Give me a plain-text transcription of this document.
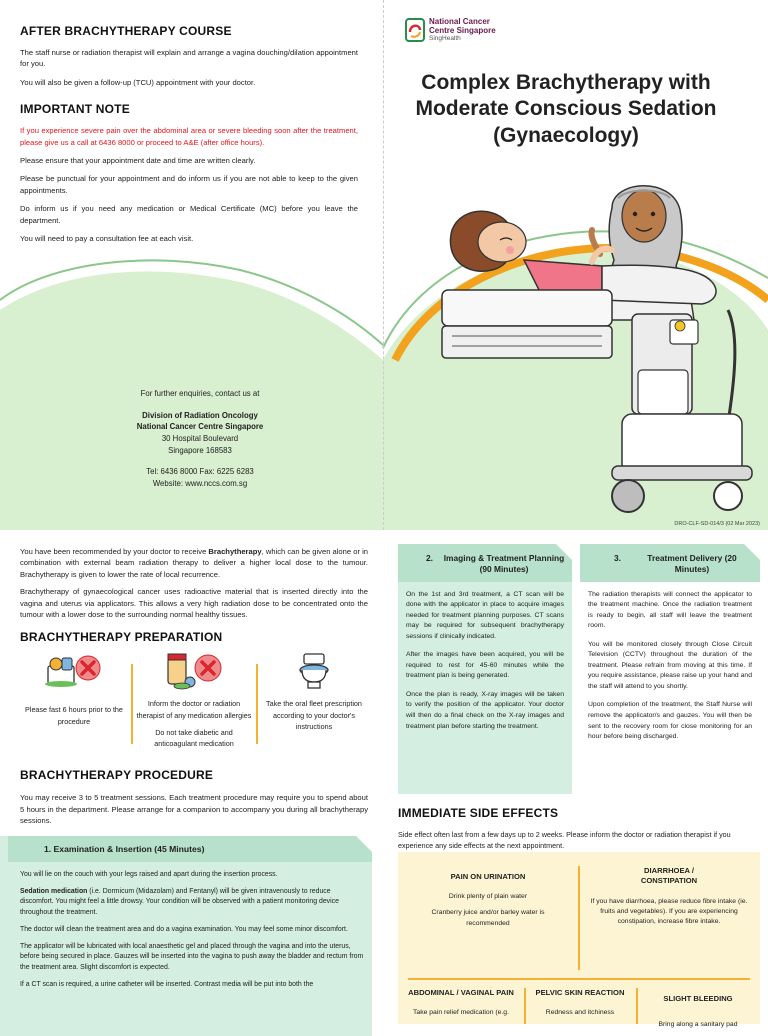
AFTER BRACHYTHERAPY COURSE
The staff nurse or radiation therapist will explain and arrange a vagina douching/dilation appointment for you.
You will also be given a follow-up (TCU) appointment with your doctor.
IMPORTANT NOTE
If you experience severe pain over the abdominal area or severe bleeding soon after the treatment, please give us a call at 6436 8000 or proceed to A&E (after office hours).
Please ensure that your appointment date and time are written clearly.
Please be punctual for your appointment and do inform us if you are not able to keep to the given appointments.
Do inform us if you need any medication or Medical Certificate (MC) before you leave the department.
You will need to pay a consultation fee at each visit.
For further enquiries, contact us at
Division of Radiation Oncology
National Cancer Centre Singapore
30 Hospital Boulevard
Singapore 168583
Tel: 6436 8000 Fax: 6225 6283
Website: www.nccs.com.sg
National Cancer
Centre Singapore
SingHealth
Complex Brachytherapy with
Moderate Conscious Sedation
(Gynaecology)
DRO-CLF-SD-014/3 (02 Mar 2023)
You have been recommended by your doctor to receive Brachytherapy, which can be given alone or in combination with external beam radiation therapy to deliver a higher local dose to the tumour. Brachytherapy is given to lower the rate of local recurrence.
Brachytherapy of gynaecological cancer uses radioactive material that is inserted directly into the vagina and uterus via applicators. This allows a very high radiation dose to be concentrated onto the tumour with a lower dose to the surrounding normal healthy tissues.
BRACHYTHERAPY PREPARATION
Please fast 6 hours prior to the procedure
Inform the doctor or radiation therapist of any medication allergies
Do not take diabetic and anticoagulant medication
Take the oral fleet prescription according to your doctor's instructions
BRACHYTHERAPY PROCEDURE
You may receive 3 to 5 treatment sessions. Each treatment procedure may require you to spend about 5 hours in the department. Please arrange for a companion to accompany you during all brachytherapy sessions.
1. Examination & Insertion (45 Minutes)
You will lie on the couch with your legs raised and apart during the insertion process.
Sedation medication (i.e. Dormicum (Midazolam) and Fentanyl) will be given intravenously to reduce discomfort. You might feel a little drowsy. Your condition will be observed with a patient monitoring device throughout the treatment.
The doctor will clean the treatment area and do a vagina examination. You may feel some minor discomfort.
The applicator will be lubricated with local anaesthetic gel and placed through the vagina and into the uterus, before being secured in place. Gauzes will be inserted into the vagina to push away the bladder and rectum from the treatment area. Slight discomfort is expected.
If a CT scan is required, a urine catheter will be inserted. Contrast media will be put into both the
2.	Imaging & Treatment Planning (90 Minutes)
On the 1st and 3rd treatment, a CT scan will be done with the applicator in place to acquire images needed for treatment planning purposes. CT scans may be required for subsequent brachytherapy sessions if clinically indicated.
After the images have been acquired, you will be required to rest for 45-60 minutes while the treatment plan is being generated.
Once the plan is ready, X-ray images will be taken to verify the position of the applicator. Your doctor will then do a final check on the X-ray images and treatment plan before starting the treatment.
3.	Treatment Delivery (20 Minutes)
The radiation therapists will connect the applicator to the treatment machine. Once the radiation treatment is ready to begin, all staff will leave the treatment room.
You will be monitored closely through Close Circuit Television (CCTV) throughout the duration of the treatment. Please refrain from moving at this time. If you require assistance, please raise up your hand and the staff will attend to you shortly.
Upon completion of the treatment, the Staff Nurse will remove the applicator/s and gauzes. You will then be sent to the recovery room for close monitoring for an hour before being discharged.
IMMEDIATE SIDE EFFECTS
Side effect often last from a few days up to 2 weeks. Please inform the doctor or radiation therapist if you experience any side effects at the next appointment.
PAIN ON URINATION
Drink plenty of plain water
Cranberry juice and/or barley water is recommended
DIARRHOEA / CONSTIPATION
If you have diarrhoea, please reduce fibre intake (ie. fruits and vegetables). If you are experiencing constipation, increase fibre intake.
ABDOMINAL / VAGINAL PAIN
Take pain relief medication (e.g.
PELVIC SKIN REACTION
Redness and itchiness
SLIGHT BLEEDING
Bring along a sanitary pad
